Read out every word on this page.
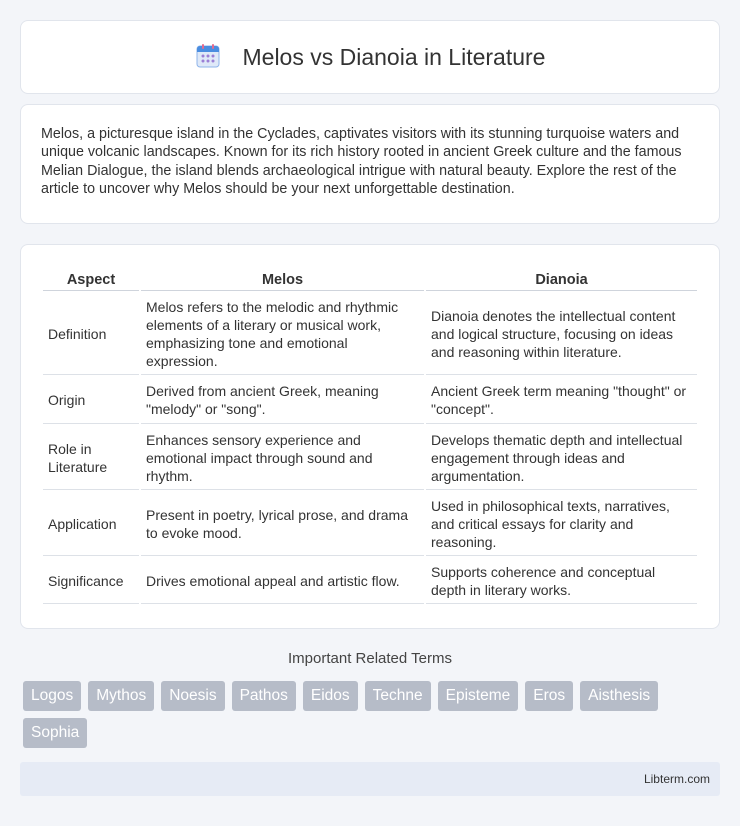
Melos vs Dianoia in Literature

Melos, a picturesque island in the Cyclades, captivates visitors with its stunning turquoise waters and unique volcanic landscapes. Known for its rich history rooted in ancient Greek culture and the famous Melian Dialogue, the island blends archaeological intrigue with natural beauty. Explore the rest of the article to uncover why Melos should be your next unforgettable destination.

Aspect	Melos	Dianoia
Definition	Melos refers to the melodic and rhythmic elements of a literary or musical work, emphasizing tone and emotional expression.	Dianoia denotes the intellectual content and logical structure, focusing on ideas and reasoning within literature.
Origin	Derived from ancient Greek, meaning "melody" or "song".	Ancient Greek term meaning "thought" or "concept".
Role in Literature	Enhances sensory experience and emotional impact through sound and rhythm.	Develops thematic depth and intellectual engagement through ideas and argumentation.
Application	Present in poetry, lyrical prose, and drama to evoke mood.	Used in philosophical texts, narratives, and critical essays for clarity and reasoning.
Significance	Drives emotional appeal and artistic flow.	Supports coherence and conceptual depth in literary works.
Important Related Terms
Logos	Mythos	Noesis	Pathos	Eidos	Techne	Episteme	Eros	Aisthesis
Sophia
Libterm.com
